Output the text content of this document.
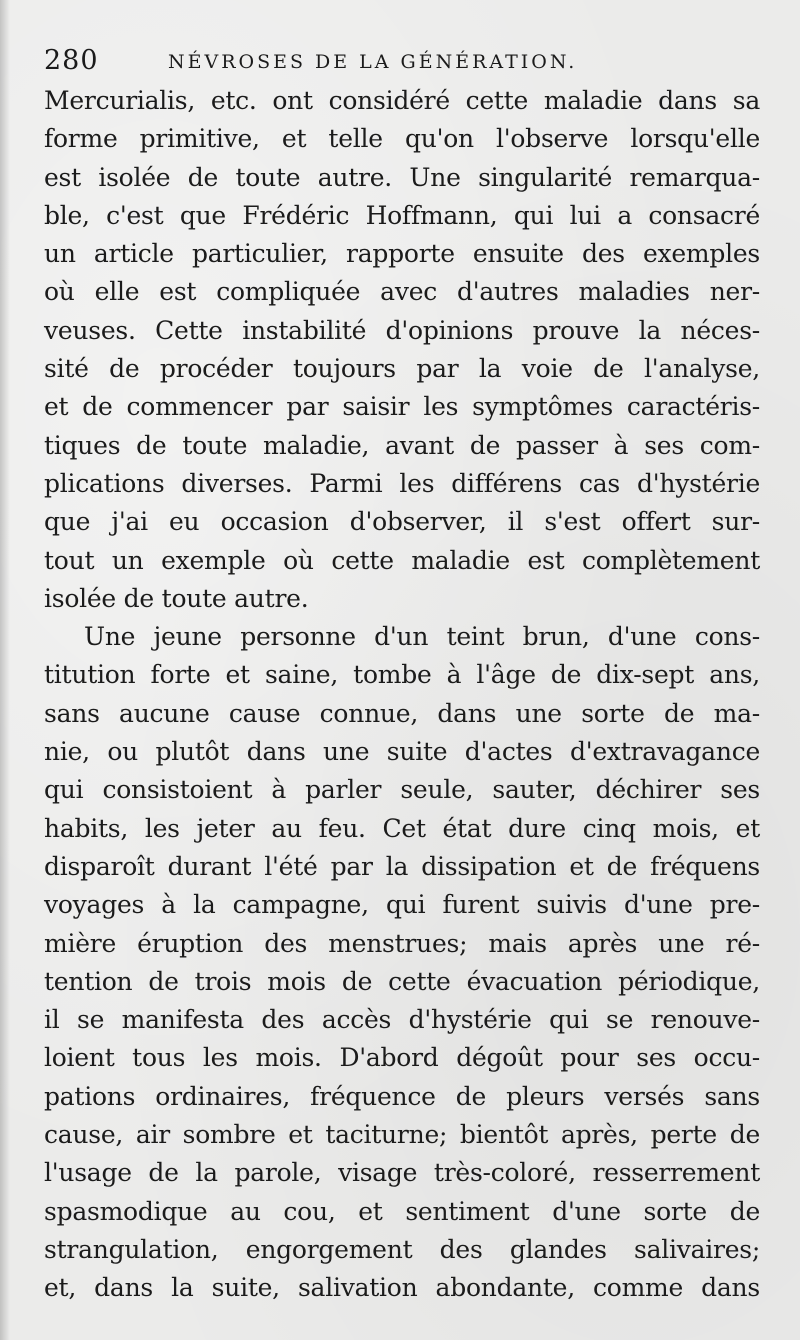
280	NÉVROSES DE LA GÉNÉRATION.
Mercurialis, etc. ont considéré cette maladie dans sa
forme primitive, et telle qu'on l'observe lorsqu'elle
est isolée de toute autre. Une singularité remarqua-
ble, c'est que Frédéric Hoffmann, qui lui a consacré
un article particulier, rapporte ensuite des exemples
où elle est compliquée avec d'autres maladies ner-
veuses. Cette instabilité d'opinions prouve la néces-
sité de procéder toujours par la voie de l'analyse,
et de commencer par saisir les symptômes caractéris-
tiques de toute maladie, avant de passer à ses com-
plications diverses. Parmi les différens cas d'hystérie
que j'ai eu occasion d'observer, il s'est offert sur-
tout un exemple où cette maladie est complètement
isolée de toute autre.
Une jeune personne d'un teint brun, d'une cons-
titution forte et saine, tombe à l'âge de dix-sept ans,
sans aucune cause connue, dans une sorte de ma-
nie, ou plutôt dans une suite d'actes d'extravagance
qui consistoient à parler seule, sauter, déchirer ses
habits, les jeter au feu. Cet état dure cinq mois, et
disparoît durant l'été par la dissipation et de fréquens
voyages à la campagne, qui furent suivis d'une pre-
mière éruption des menstrues; mais après une ré-
tention de trois mois de cette évacuation périodique,
il se manifesta des accès d'hystérie qui se renouve-
loient tous les mois. D'abord dégoût pour ses occu-
pations ordinaires, fréquence de pleurs versés sans
cause, air sombre et taciturne; bientôt après, perte de
l'usage de la parole, visage très-coloré, resserrement
spasmodique au cou, et sentiment d'une sorte de
strangulation, engorgement des glandes salivaires;
et, dans la suite, salivation abondante, comme dans
